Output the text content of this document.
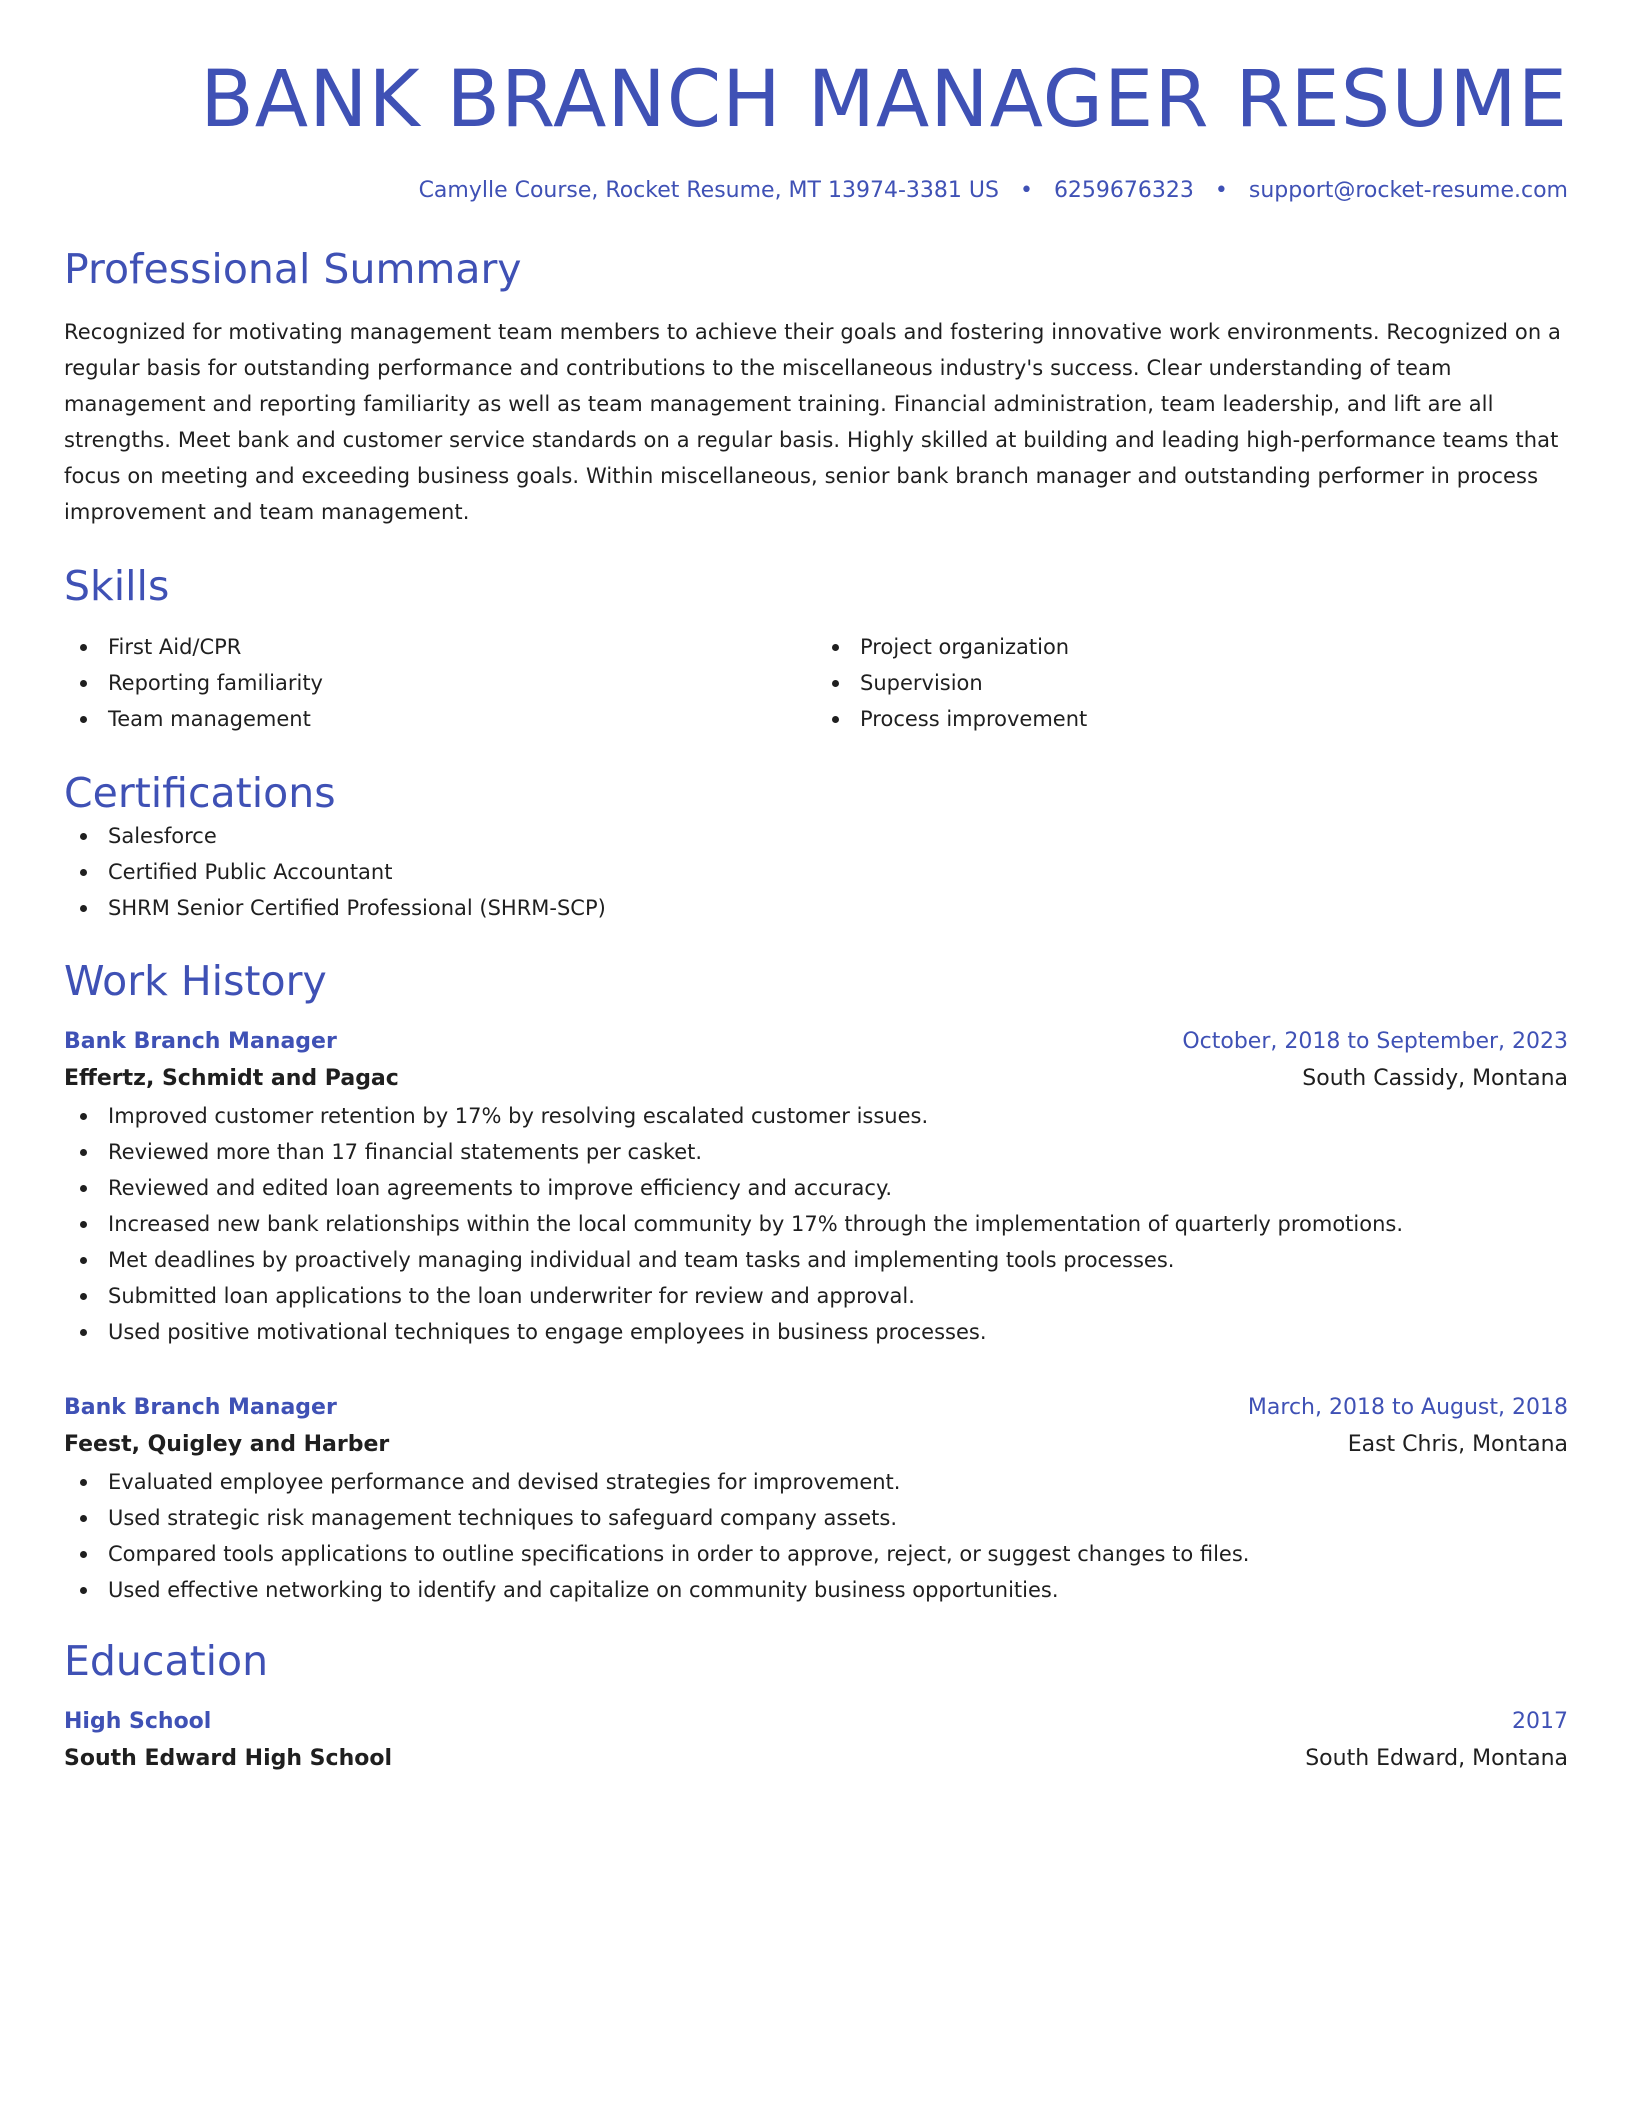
BANK BRANCH MANAGER RESUME
Camylle Course, Rocket Resume, MT 13974-3381 US • 6259676323 • support@rocket-resume.com
Professional Summary

Recognized for motivating management team members to achieve their goals and fostering innovative work environments. Recognized on a regular basis for outstanding performance and contributions to the miscellaneous industry's success. Clear understanding of team management and reporting familiarity as well as team management training. Financial administration, team leadership, and lift are all strengths. Meet bank and customer service standards on a regular basis. Highly skilled at building and leading high-performance teams that focus on meeting and exceeding business goals. Within miscellaneous, senior bank branch manager and outstanding performer in process improvement and team management.

Skills
First Aid/CPR
Reporting familiarity
Team management
Project organization
Supervision
Process improvement
Certifications
Salesforce
Certified Public Accountant
SHRM Senior Certified Professional (SHRM-SCP)
Work History
Bank Branch Manager	October, 2018 to September, 2023
Effertz, Schmidt and Pagac	South Cassidy, Montana
Improved customer retention by 17% by resolving escalated customer issues.
Reviewed more than 17 financial statements per casket.
Reviewed and edited loan agreements to improve efficiency and accuracy.
Increased new bank relationships within the local community by 17% through the implementation of quarterly promotions.
Met deadlines by proactively managing individual and team tasks and implementing tools processes.
Submitted loan applications to the loan underwriter for review and approval.
Used positive motivational techniques to engage employees in business processes.
Bank Branch Manager	March, 2018 to August, 2018
Feest, Quigley and Harber	East Chris, Montana
Evaluated employee performance and devised strategies for improvement.
Used strategic risk management techniques to safeguard company assets.
Compared tools applications to outline specifications in order to approve, reject, or suggest changes to files.
Used effective networking to identify and capitalize on community business opportunities.
Education
High School	2017
South Edward High School	South Edward, Montana
